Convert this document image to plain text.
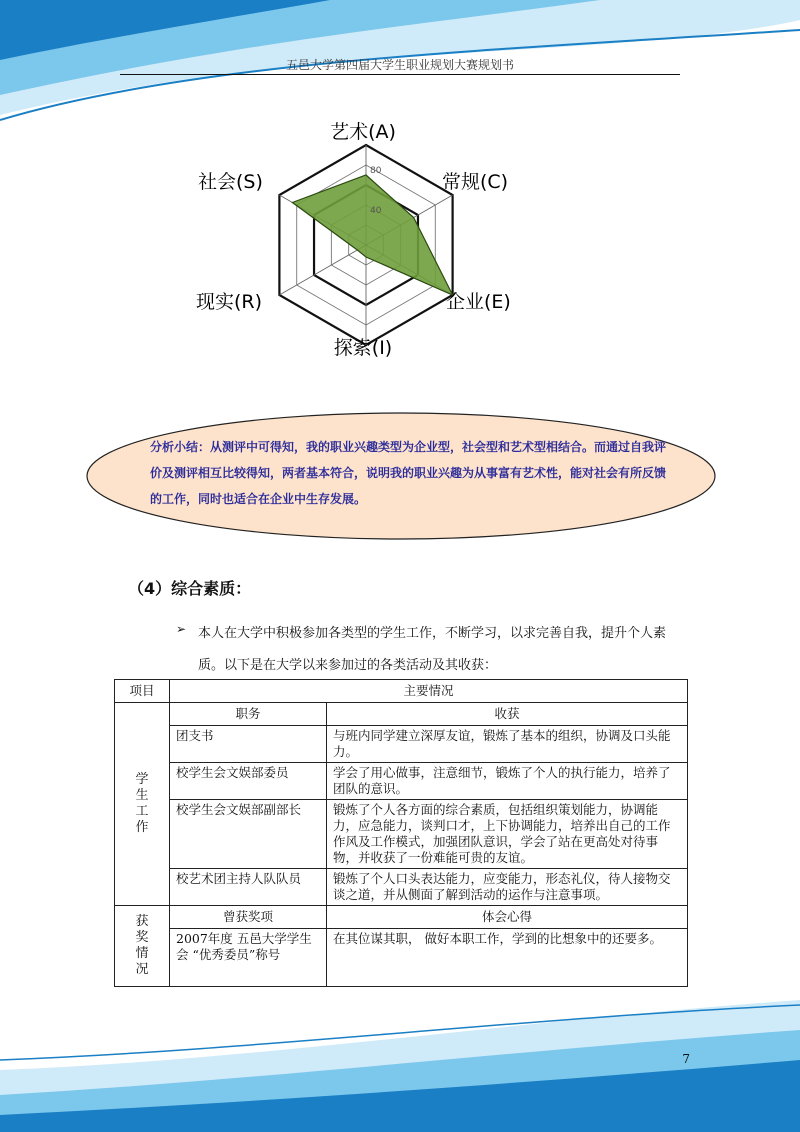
五邑大学第四届大学生职业规划大赛规划书
80
40
艺术(A)
常规(C)
企业(E)
探索(I)
现实(R)
社会(S)
分析小结：从测评中可得知，我的职业兴趣类型为企业型，社会型和艺术型相结合。而通过自我评价及测评相互比较得知，两者基本符合，说明我的职业兴趣为从事富有艺术性，能对社会有所反馈的工作，同时也适合在企业中生存发展。
（4）综合素质：
➢ 本人在大学中积极参加各类型的学生工作，不断学习，以求完善自我，提升个人素质。以下是在大学以来参加过的各类活动及其收获：
项目	主要情况	
学生工作	职务	收获
	团支书	与班内同学建立深厚友谊，锻炼了基本的组织，协调及口头能力。
	校学生会文娱部委员	学会了用心做事，注意细节，锻炼了个人的执行能力，培养了团队的意识。
	校学生会文娱部副部长	锻炼了个人各方面的综合素质，包括组织策划能力，协调能力，应急能力，谈判口才，上下协调能力，培养出自己的工作作风及工作模式，加强团队意识，学会了站在更高处对待事物，并收获了一份难能可贵的友谊。
	校艺术团主持人队队员	锻炼了个人口头表达能力，应变能力，形态礼仪，待人接物交谈之道，并从侧面了解到活动的运作与注意事项。
获奖情况	曾获奖项	体会心得
	2007年度 五邑大学学生会 “优秀委员”称号	在其位谋其职， 做好本职工作，学到的比想象中的还要多。
7
